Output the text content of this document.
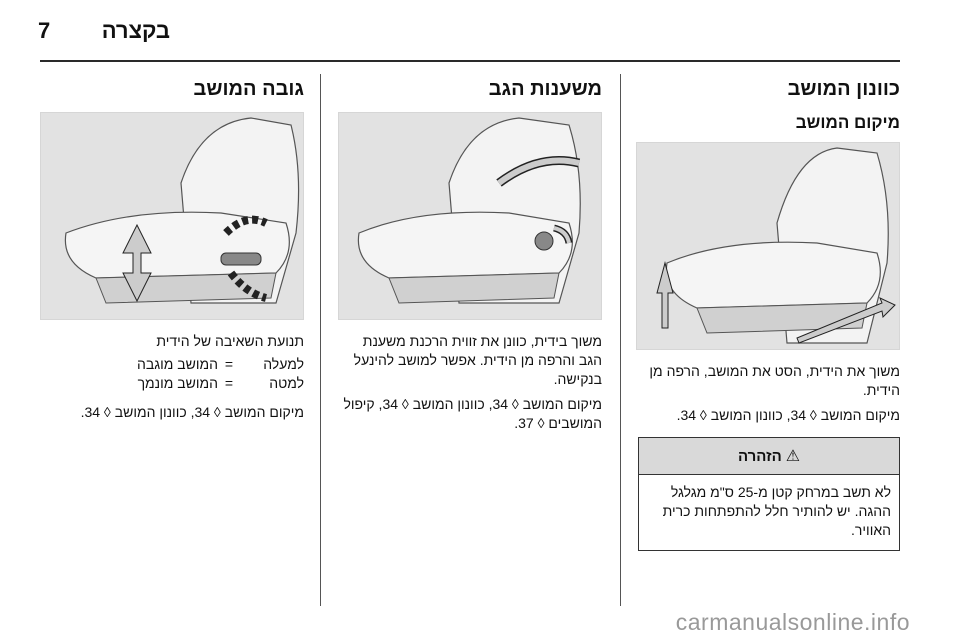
בקצרה
7
כוונון המושב
מיקום המושב

משוך את הידית, הסט את המושב, הרפה מן הידית.

מיקום המושב ◊ 34, כוונון המושב ◊ 34.

⚠
הזהרה
לא תשב במרחק קטן מ-25 ס"מ מגלגל ההגה. יש להותיר חלל להתפתחות כרית האוויר.
משענות הגב

משוך בידית, כוונן את זווית הרכנת משענת הגב והרפה מן הידית. אפשר למושב להינעל בנקישה.

מיקום המושב ◊ 34, כוונון המושב ◊ 34, קיפול המושבים ◊ 37.

גובה המושב

תנועת השאיבה של הידית

למעלה
=
המושב מוגבה
למטה
=
המושב מונמך

מיקום המושב ◊ 34, כוונון המושב ◊ 34.

carmanualsonline.info
